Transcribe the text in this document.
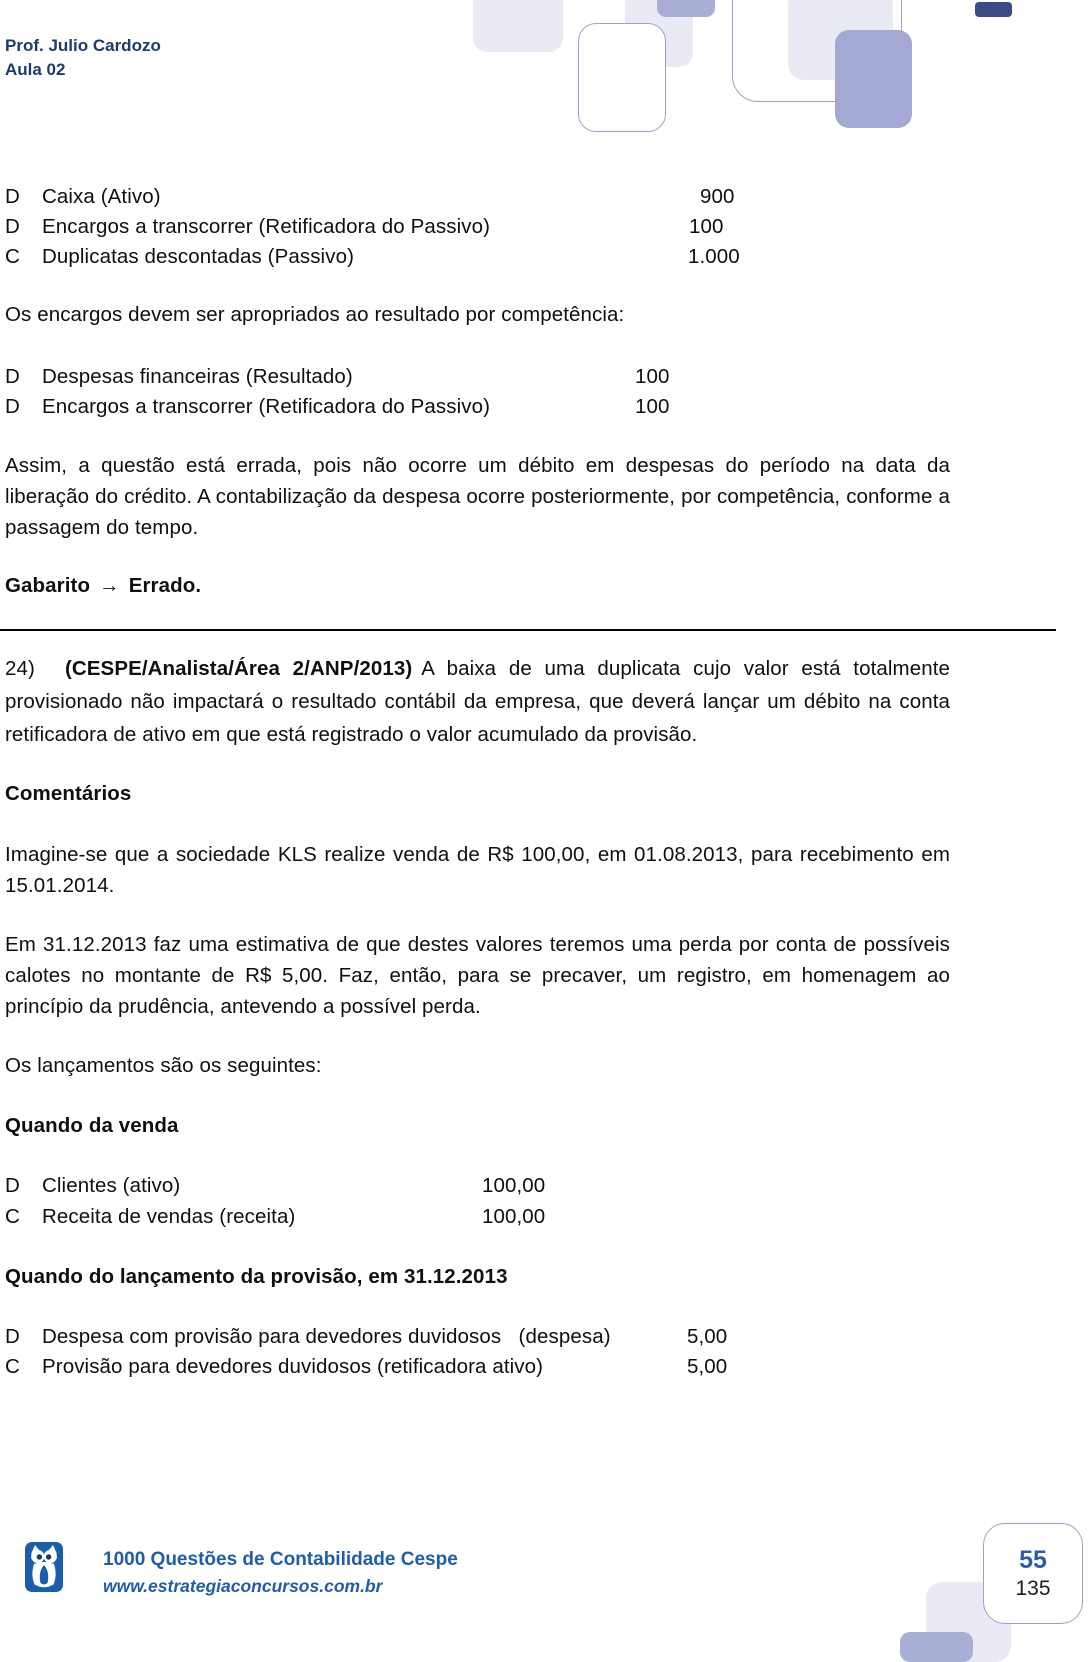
Prof. Julio Cardozo
Aula 02
D Caixa (Ativo)	900
D Encargos a transcorrer (Retificadora do Passivo)	100
C Duplicatas descontadas (Passivo)	1.000
Os encargos devem ser apropriados ao resultado por competência:
D Despesas financeiras (Resultado)	100
D Encargos a transcorrer (Retificadora do Passivo)	100
Assim, a questão está errada, pois não ocorre um débito em despesas do período na data da liberação do crédito. A contabilização da despesa ocorre posteriormente, por competência, conforme a passagem do tempo.
Gabarito → Errado.
24) (CESPE/Analista/Área 2/ANP/2013) A baixa de uma duplicata cujo valor está totalmente provisionado não impactará o resultado contábil da empresa, que deverá lançar um débito na conta retificadora de ativo em que está registrado o valor acumulado da provisão.
Comentários
Imagine-se que a sociedade KLS realize venda de R$ 100,00, em 01.08.2013, para recebimento em 15.01.2014.
Em 31.12.2013 faz uma estimativa de que destes valores teremos uma perda por conta de possíveis calotes no montante de R$ 5,00. Faz, então, para se precaver, um registro, em homenagem ao princípio da prudência, antevendo a possível perda.
Os lançamentos são os seguintes:
Quando da venda
D Clientes (ativo)	100,00
C Receita de vendas (receita)	100,00
Quando do lançamento da provisão, em 31.12.2013
D Despesa com provisão para devedores duvidosos   (despesa)	5,00
C Provisão para devedores duvidosos (retificadora ativo)	5,00
1000 Questões de Contabilidade Cespe
www.estrategiaconcursos.com.br
55
135
